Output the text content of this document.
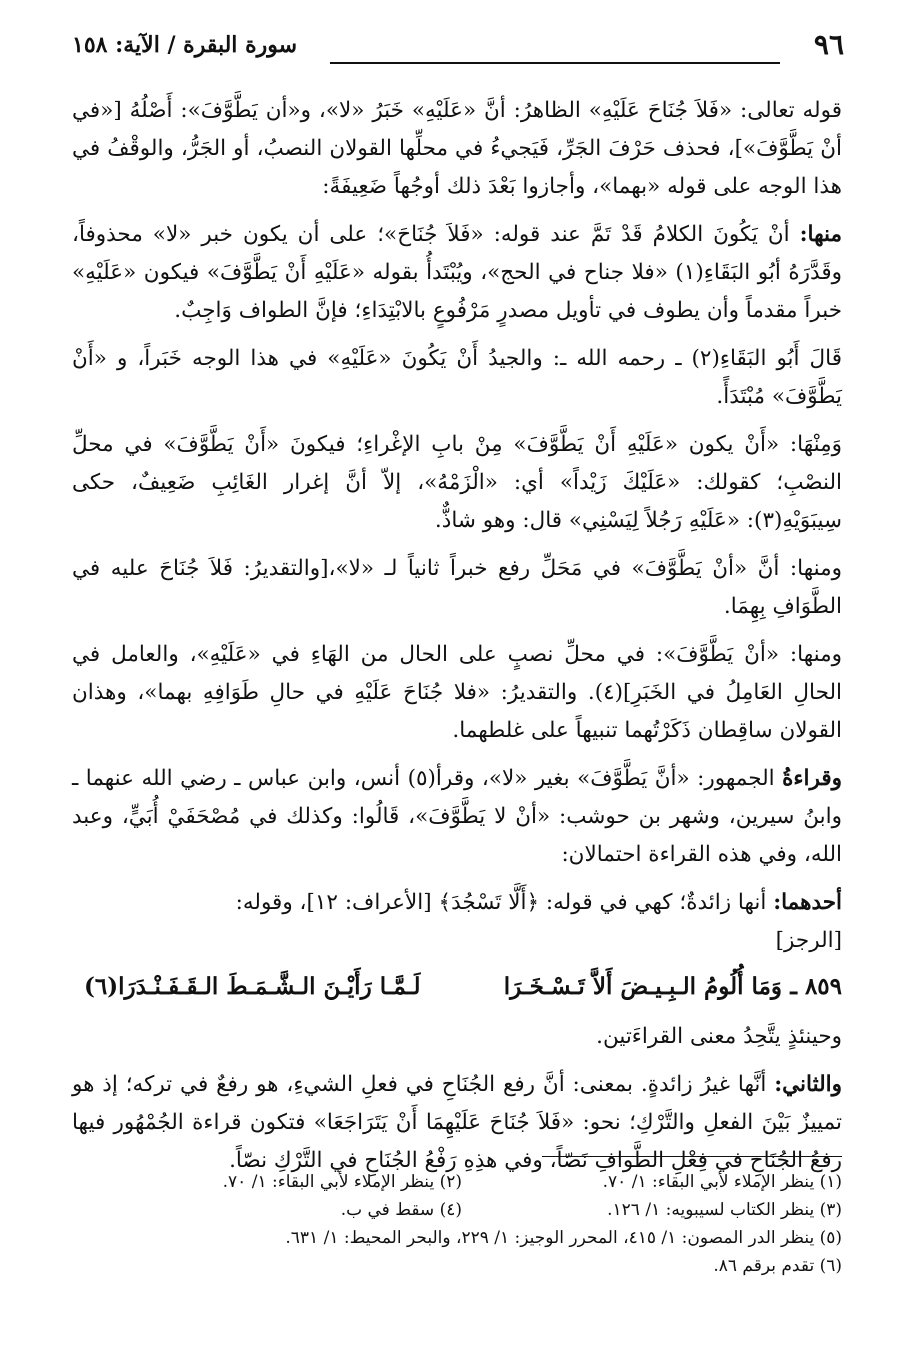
٩٦
سورة البقرة / الآية: ١٥٨

قوله تعالى: «فَلاَ جُنَاحَ عَلَيْهِ» الظاهرُ: أنَّ «عَلَيْهِ» خَبَرُ «لا»، و«أن يَطَّوَّفَ»: أَصْلُهُ [«في أنْ يَطَّوَّفَ»]، فحذف حَرْفَ الجَرِّ، فَيَجيءُ في محلِّها القولان النصبُ، أو الجَرُّ، والوقْفُ في هذا الوجه على قوله «بهما»، وأجازوا بَعْدَ ذلك أوجُهاً ضَعِيفَةً:

منها: أنْ يَكُونَ الكلامُ قَدْ تَمَّ عند قوله: «فَلاَ جُنَاحَ»؛ على أن يكون خبر «لا» محذوفاً، وقَدَّرَهُ أبُو البَقَاءِ(١) «فلا جناح في الحج»، ويُبْتَدأُ بقوله «عَلَيْهِ أَنْ يَطَّوَّفَ» فيكون «عَلَيْهِ» خبراً مقدماً وأن يطوف في تأويل مصدرٍ مَرْفُوعٍ بالابْتِدَاءِ؛ فإنَّ الطواف وَاجِبٌ.

قَالَ أَبُو البَقَاءِ(٢) ـ رحمه الله ـ: والجيدُ أَنْ يَكُونَ «عَلَيْهِ» في هذا الوجه خَبَراً، و «أَنْ يَطَّوَّفَ» مُبْتَدَأً.

وَمِنْهَا: «أَنْ يكون «عَلَيْهِ أَنْ يَطَّوَّفَ» مِنْ بابِ الإغْراءِ؛ فيكونَ «أَنْ يَطَّوَّفَ» في محلِّ النصْبِ؛ كقولك: «عَلَيْكَ زَيْداً» أي: «الْزَمْهُ»، إلاّ أنَّ إغرار الغَائِبِ ضَعِيفٌ، حكى سِيبَوَيْهِ(٣): «عَلَيْهِ رَجُلاً لِيَسْنِي» قال: وهو شاذٌّ.

ومنها: أنَّ «أنْ يَطَّوَّفَ» في مَحَلِّ رفع خبراً ثانياً لـ «لا»،[والتقديرُ: فَلاَ جُنَاحَ عليه في الطَّوَافِ بِهِمَا.

ومنها: «أنْ يَطَّوَّفَ»: في محلِّ نصبٍ على الحال من الهَاءِ في «عَلَيْهِ»، والعامل في الحالِ العَامِلُ في الخَبَرِ](٤). والتقديرُ: «فلا جُنَاحَ عَلَيْهِ في حالِ طَوَافِهِ بهما»، وهذان القولان ساقِطان ذَكَرْتُهما تنبيهاً على غلطهما.

وقراءةُ الجمهور: «أنَّ يَطَّوَّفَ» بغير «لا»، وقرأ(٥) أنس، وابن عباس ـ رضي الله عنهما ـ وابنُ سيرين، وشهر بن حوشب: «أنْ لا يَطَّوَّفَ»، قَالُوا: وكذلك في مُصْحَفَيْ أُبَيٍّ، وعبد الله، وفي هذه القراءة احتمالان:

أحدهما: أنها زائدةٌ؛ كهي في قوله: ﴿أَلَّا تَسْجُدَ﴾ [الأعراف: ١٢]، وقوله:

[الرجز]

٨٥٩ ـ
وَمَا أُلُومُ الـبِـيـضَ أَلاَّ تَـسْـخَـرَا
لَـمَّـا رَأَيْـنَ الـشَّـمَـطَ الـقَـفَـنْـدَرَا(٦)

وحينئذٍ يتَّحِدُ معنى القراءَتين.

والثاني: أنَّها غيرُ زائدةٍ. بمعنى: أنَّ رفع الجُنَاحِ في فعلِ الشيءِ، هو رفعٌ في تركه؛ إذ هو تمييزٌ بَيْنَ الفعلِ والتَّرْكِ؛ نحو: «فَلاَ جُنَاحَ عَلَيْهِمَا أَنْ يَتَرَاجَعَا» فتكون قراءة الجُمْهُور فيها رفعُ الجُنَاحِ في فِعْلِ الطَّوافِ نَصّاً، وفي هذِهِ رَفْعُ الجُنَاحِ في التَّرْكِ نصّاً.

(١) ينظر الإملاء لأبي البقاء: ١/ ٧٠.
(٢) ينظر الإملاء لأبي البقاء: ١/ ٧٠.
(٣) ينظر الكتاب لسيبويه: ١/ ١٢٦.
(٤) سقط في ب.
(٥) ينظر الدر المصون: ١/ ٤١٥، المحرر الوجيز: ١/ ٢٢٩، والبحر المحيط: ١/ ٦٣١.
(٦) تقدم برقم ٨٦.
